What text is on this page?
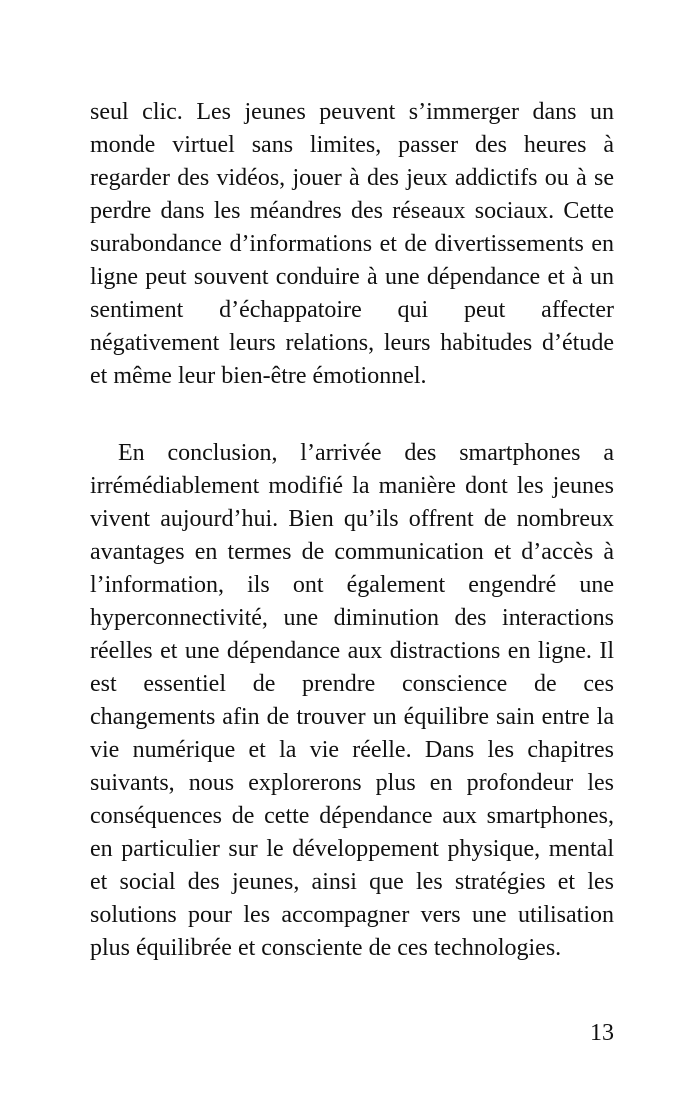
seul clic. Les jeunes peuvent s’immerger dans un monde virtuel sans limites, passer des heures à regarder des vidéos, jouer à des jeux addictifs ou à se perdre dans les méandres des réseaux sociaux. Cette surabondance d’informations et de divertissements en ligne peut souvent conduire à une dépendance et à un sentiment d’échappatoire qui peut affecter négativement leurs relations, leurs habitudes d’étude et même leur bien-être émotionnel.

En conclusion, l’arrivée des smartphones a irrémédiablement modifié la manière dont les jeunes vivent aujourd’hui. Bien qu’ils offrent de nombreux avantages en termes de communication et d’accès à l’information, ils ont également engendré une hyperconnectivité, une diminution des interactions réelles et une dépendance aux distractions en ligne. Il est essentiel de prendre conscience de ces changements afin de trouver un équilibre sain entre la vie numérique et la vie réelle. Dans les chapitres suivants, nous explorerons plus en profondeur les conséquences de cette dépendance aux smartphones, en particulier sur le développement physique, mental et social des jeunes, ainsi que les stratégies et les solutions pour les accompagner vers une utilisation plus équilibrée et consciente de ces technologies.

13
